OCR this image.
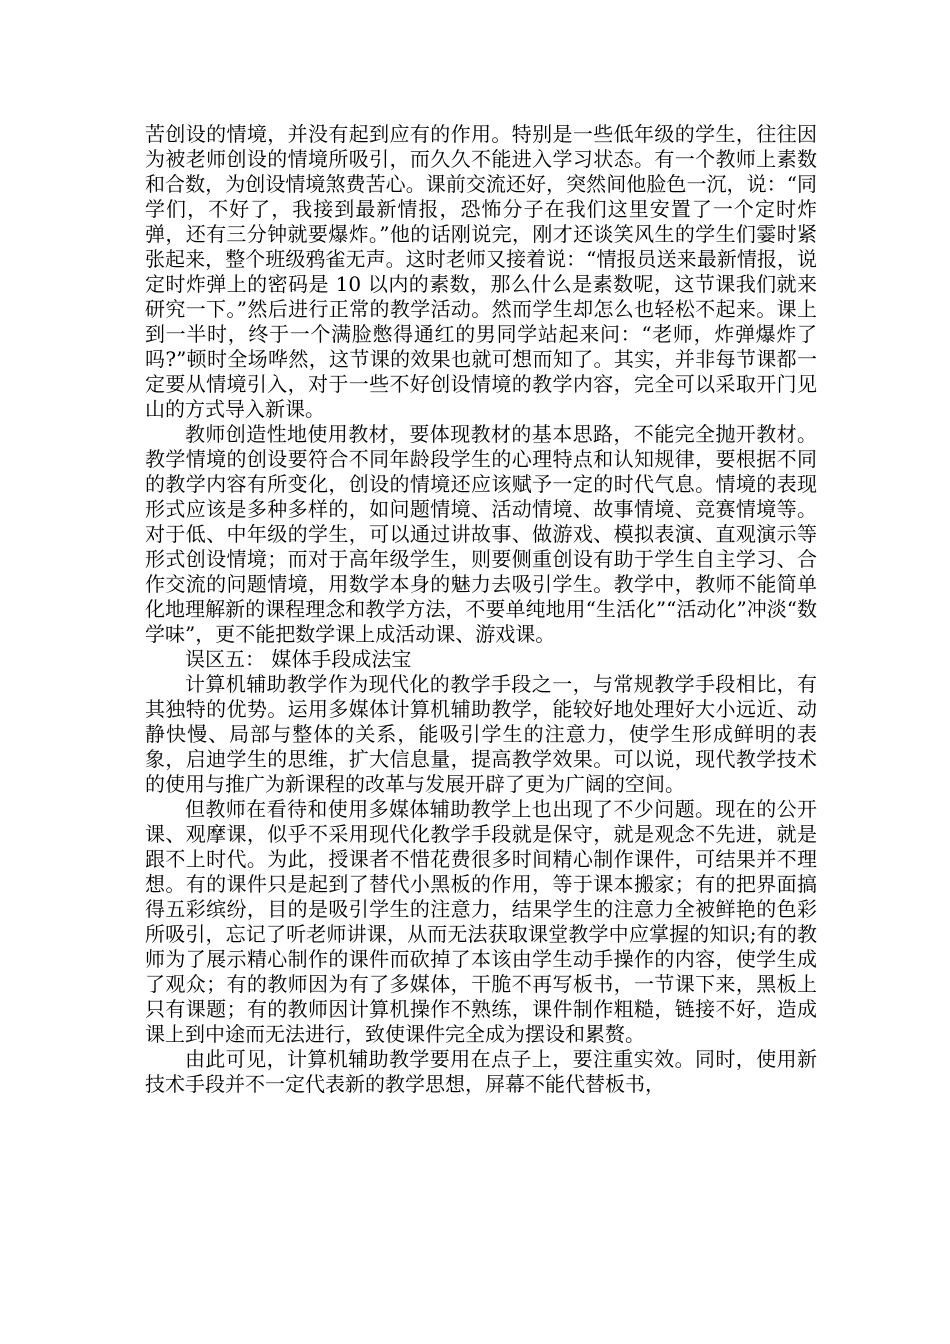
苦创设的情境，并没有起到应有的作用。特别是一些低年级的学生，往往因为被老师创设的情境所吸引，而久久不能进入学习状态。有一个教师上素数和合数，为创设情境煞费苦心。课前交流还好，突然间他脸色一沉，说：“同学们，不好了，我接到最新情报，恐怖分子在我们这里安置了一个定时炸弹，还有三分钟就要爆炸。”他的话刚说完，刚才还谈笑风生的学生们霎时紧张起来，整个班级鸦雀无声。这时老师又接着说：“情报员送来最新情报，说定时炸弹上的密码是 10 以内的素数，那么什么是素数呢，这节课我们就来研究一下。”然后进行正常的教学活动。然而学生却怎么也轻松不起来。课上到一半时，终于一个满脸憋得通红的男同学站起来问：“老师，炸弹爆炸了吗?”顿时全场哗然，这节课的效果也就可想而知了。其实，并非每节课都一定要从情境引入，对于一些不好创设情境的教学内容，完全可以采取开门见山的方式导入新课。

教师创造性地使用教材，要体现教材的基本思路，不能完全抛开教材。教学情境的创设要符合不同年龄段学生的心理特点和认知规律，要根据不同的教学内容有所变化，创设的情境还应该赋予一定的时代气息。情境的表现形式应该是多种多样的，如问题情境、活动情境、故事情境、竞赛情境等。对于低、中年级的学生，可以通过讲故事、做游戏、模拟表演、直观演示等形式创设情境；而对于高年级学生，则要侧重创设有助于学生自主学习、合作交流的问题情境，用数学本身的魅力去吸引学生。教学中，教师不能简单化地理解新的课程理念和教学方法，不要单纯地用“生活化”“活动化”冲淡“数学味”，更不能把数学课上成活动课、游戏课。

误区五： 媒体手段成法宝

计算机辅助教学作为现代化的教学手段之一，与常规教学手段相比，有其独特的优势。运用多媒体计算机辅助教学，能较好地处理好大小远近、动静快慢、局部与整体的关系，能吸引学生的注意力，使学生形成鲜明的表象，启迪学生的思维，扩大信息量，提高教学效果。可以说，现代教学技术的使用与推广为新课程的改革与发展开辟了更为广阔的空间。

但教师在看待和使用多媒体辅助教学上也出现了不少问题。现在的公开课、观摩课，似乎不采用现代化教学手段就是保守，就是观念不先进，就是跟不上时代。为此，授课者不惜花费很多时间精心制作课件，可结果并不理想。有的课件只是起到了替代小黑板的作用，等于课本搬家；有的把界面搞得五彩缤纷，目的是吸引学生的注意力，结果学生的注意力全被鲜艳的色彩所吸引，忘记了听老师讲课，从而无法获取课堂教学中应掌握的知识;有的教师为了展示精心制作的课件而砍掉了本该由学生动手操作的内容，使学生成了观众；有的教师因为有了多媒体，干脆不再写板书，一节课下来，黑板上只有课题；有的教师因计算机操作不熟练，课件制作粗糙，链接不好，造成课上到中途而无法进行，致使课件完全成为摆设和累赘。

由此可见，计算机辅助教学要用在点子上，要注重实效。同时，使用新技术手段并不一定代表新的教学思想，屏幕不能代替板书，
